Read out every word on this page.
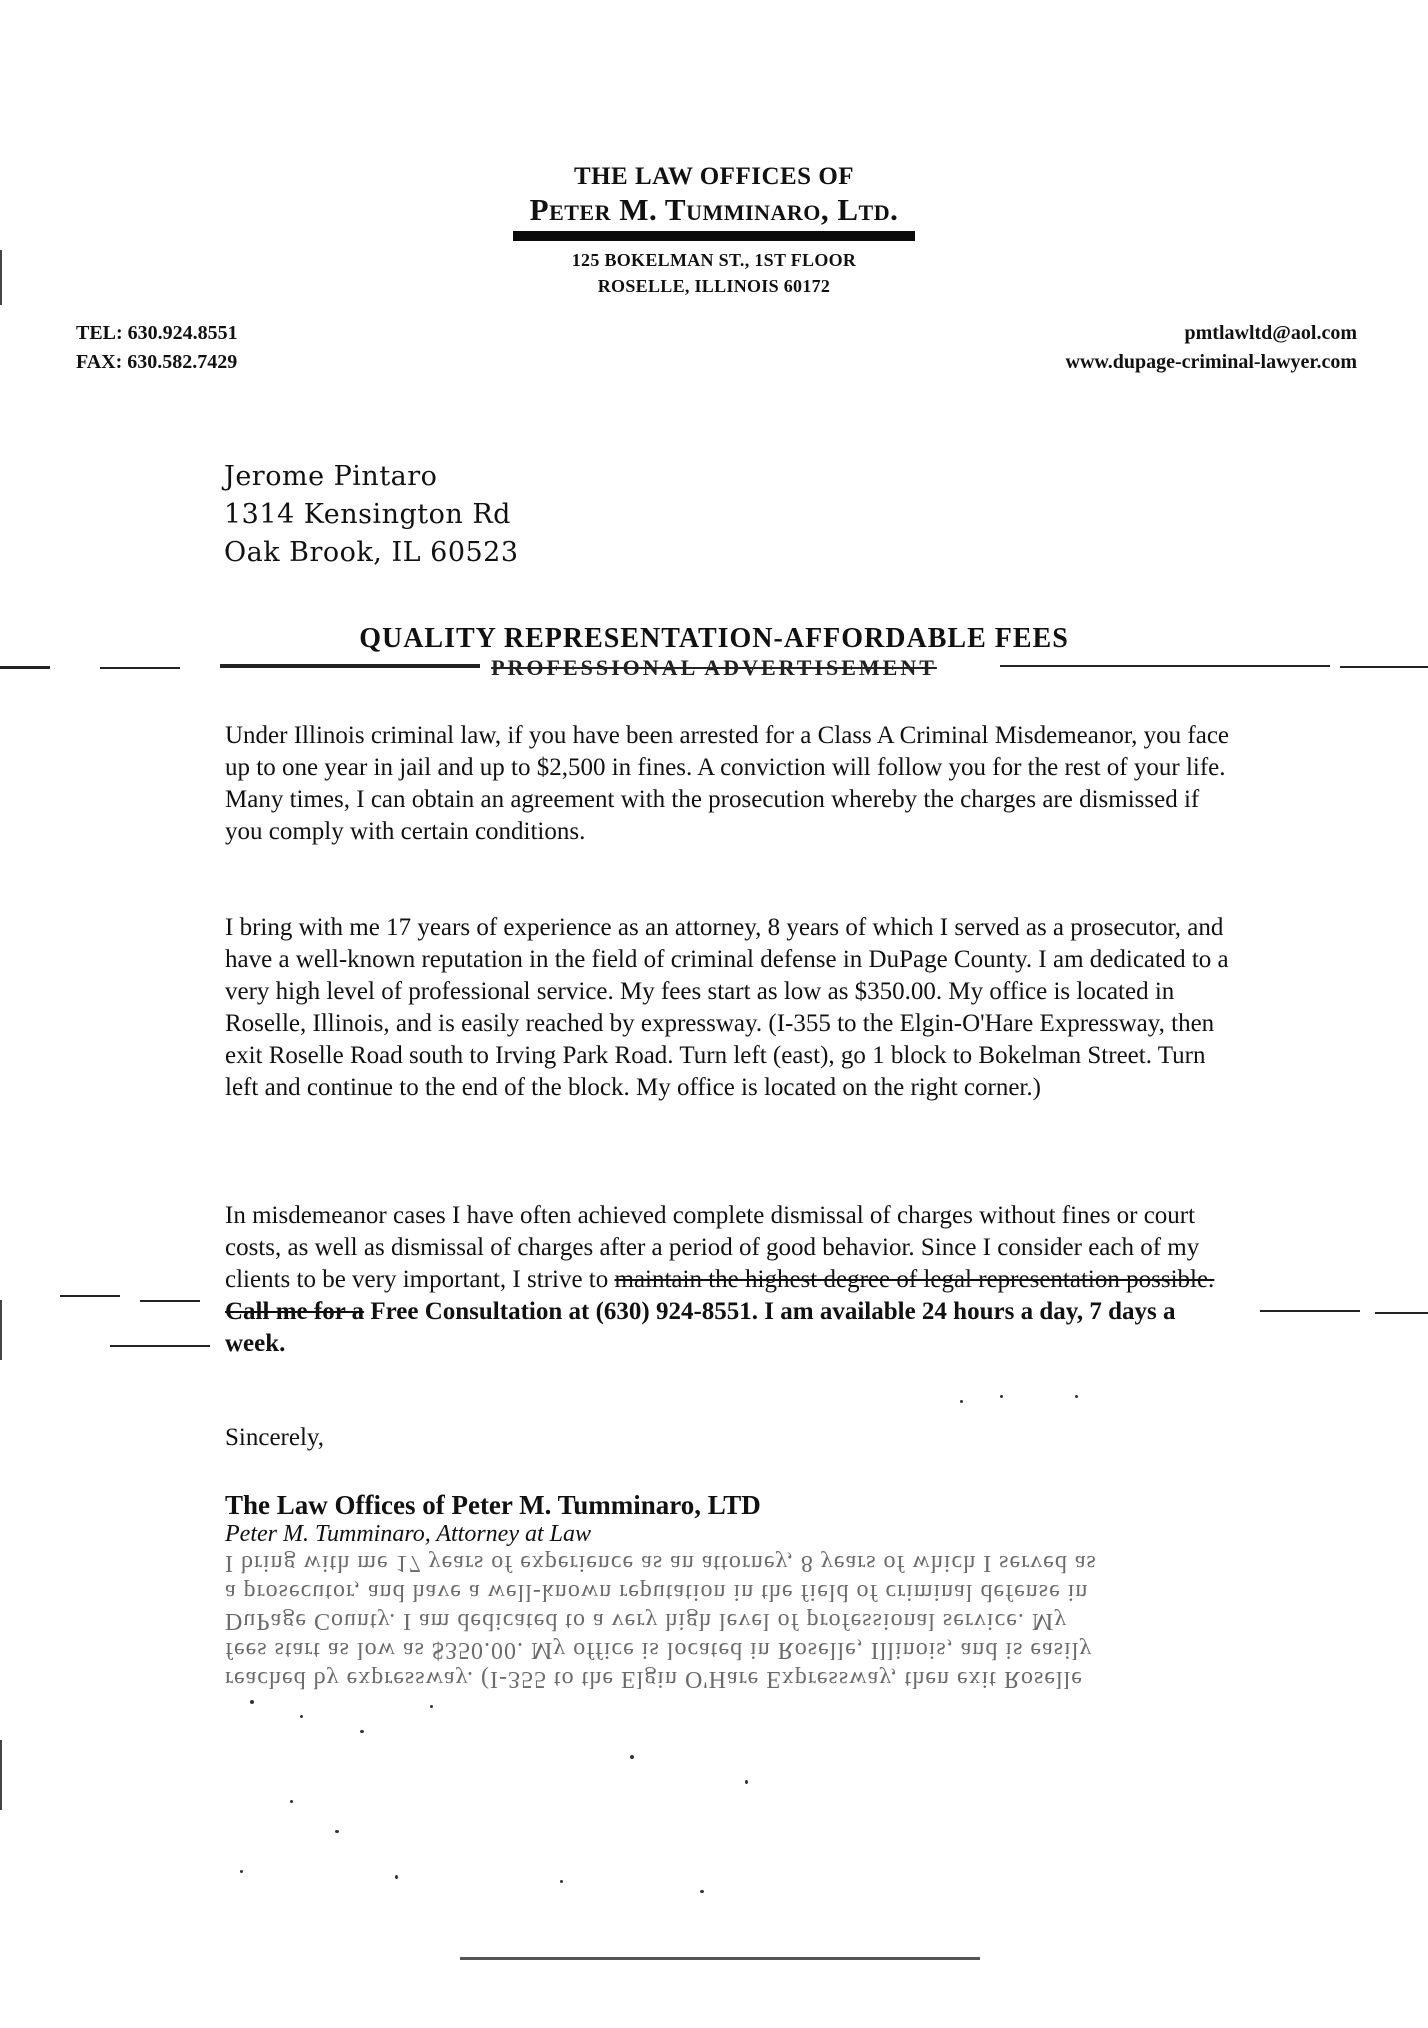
THE LAW OFFICES OF
Peter M. Tumminaro, Ltd.
125 BOKELMAN ST., 1ST FLOOR
ROSELLE, ILLINOIS 60172
TEL: 630.924.8551
FAX: 630.582.7429
pmtlawltd@aol.com
www.dupage-criminal-lawyer.com
Jerome Pintaro
1314 Kensington Rd
Oak Brook, IL 60523
QUALITY REPRESENTATION-AFFORDABLE FEES
PROFESSIONAL ADVERTISEMENT
Under Illinois criminal law, if you have been arrested for a Class A Criminal Misdemeanor, you face up to one year in jail and up to $2,500 in fines. A conviction will follow you for the rest of your life. Many times, I can obtain an agreement with the prosecution whereby the charges are dismissed if you comply with certain conditions.
I bring with me 17 years of experience as an attorney, 8 years of which I served as a prosecutor, and have a well-known reputation in the field of criminal defense in DuPage County. I am dedicated to a very high level of professional service. My fees start as low as $350.00. My office is located in Roselle, Illinois, and is easily reached by expressway. (I-355 to the Elgin-O'Hare Expressway, then exit Roselle Road south to Irving Park Road. Turn left (east), go 1 block to Bokelman Street. Turn left and continue to the end of the block. My office is located on the right corner.)
In misdemeanor cases I have often achieved complete dismissal of charges without fines or court costs, as well as dismissal of charges after a period of good behavior. Since I consider each of my clients to be very important, I strive to maintain the highest degree of legal representation possible. Call me for a Free Consultation at (630) 924-8551. I am available 24 hours a day, 7 days a week.
Sincerely,
The Law Offices of Peter M. Tumminaro, LTD
Peter M. Tumminaro, Attorney at Law
reached by expressway. (I-355 to the Elgin O'Hare Expressway, then exit Roselle
fees start as low as $350.00. My office is located in Roselle, Illinois, and is easily
DuPage County. I am dedicated to a very high level of professional service. My
a prosecutor, and have a well-known reputation in the field of criminal defense in
I bring with me 17 years of experience as an attorney, 8 years of which I served as
